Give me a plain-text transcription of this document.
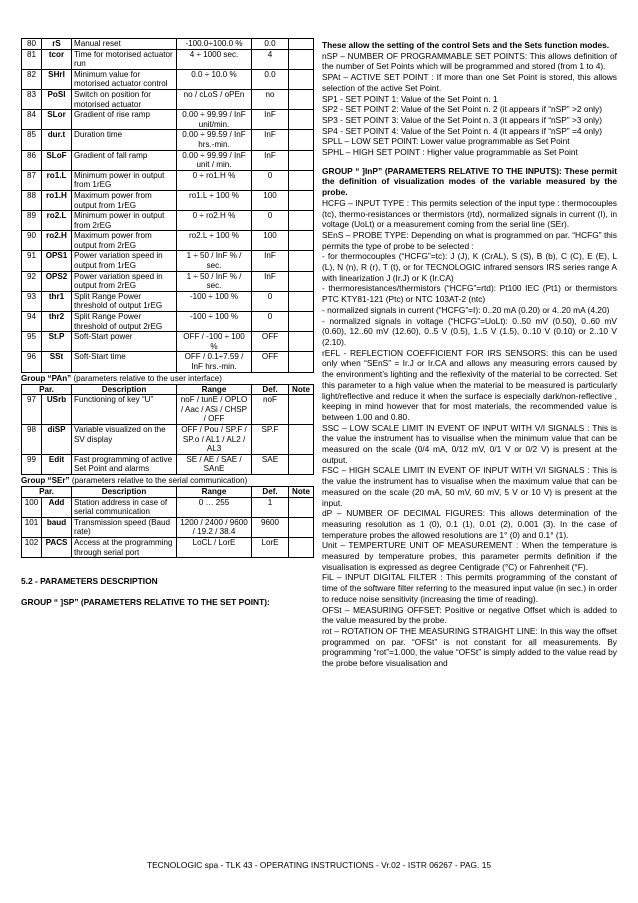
80	rS	Manual reset	-100.0÷100.0 %	0.0	
81	tcor	Time for motorised actuator run	4 ÷ 1000 sec.	4	
82	SHrI	Minimum value for motorised actuator control	0.0 ÷ 10.0 %	0.0	
83	PoSI	Switch on position for motorised actuator	no / cLoS / oPEn	no	
84	SLor	Gradient of rise ramp	0.00 ÷ 99.99 / InF unit/min.	InF	
85	dur.t	Duration time	0.00 ÷ 99.59 / InF hrs.-min.	InF	
86	SLoF	Gradient of fall ramp	0.00 ÷ 99.99 / InF unit / min.	InF	
87	ro1.L	Minimum power in output from 1rEG	0 ÷ ro1.H %	0	
88	ro1.H	Maximum power from output from 1rEG	ro1.L ÷ 100 %	100	
89	ro2.L	Minimum power in output from 2rEG	0 ÷ ro2.H %	0	
90	ro2.H	Maximum power from output from 2rEG	ro2.L ÷ 100 %	100	
91	OPS1	Power variation speed in output from 1rEG	1 ÷ 50 / InF % / sec.	InF	
92	OPS2	Power variation speed in output from 2rEG	1 ÷ 50 / InF % / sec.	InF	
93	thr1	Split Range Power threshold of output 1rEG	-100 ÷ 100 %	0	
94	thr2	Split Range Power threshold of output 2rEG	-100 ÷ 100 %	0	
95	St.P	Soft-Start power	OFF / -100 ÷ 100 %	OFF	
96	SSt	Soft-Start time	OFF / 0.1÷7.59 / InF hrs.-min.	OFF	
Group “PAn” (parameters relative to the user interface)
Par.		Description	Range	Def.	Note
97	USrb	Functioning of key “U”	noF / tunE / OPLO / Aac / ASi / CHSP / OFF	noF	
98	diSP	Variable visualized on the SV display	OFF / Pou / SP.F / SP.o / AL1 / AL2 / AL3	SP.F	
99	Edit	Fast programming of active Set Point and alarms	SE / AE / SAE / SAnE	SAE	
Group “SEr” (parameters relative to the serial communication)
Par.		Description	Range	Def.	Note
100	Add	Station address in case of serial communication	0 … 255	1	
101	baud	Transmission speed (Baud rate)	1200 / 2400 / 9600 / 19.2 / 38.4	9600	
102	PACS	Access at the programming through serial port	LoCL / LorE	LorE	
5.2 - PARAMETERS DESCRIPTION
GROUP “ ]SP” (PARAMETERS RELATIVE TO THE SET POINT):

These allow the setting of the control Sets and the Sets function modes.

nSP – NUMBER OF PROGRAMMABLE SET POINTS: This allows definition of the number of Set Points which will be programmed and stored (from 1 to 4).

SPAt – ACTIVE SET POINT : If more than one Set Point is stored, this allows selection of the active Set Point.

SP1 - SET POINT 1: Value of the Set Point n. 1

SP2 - SET POINT 2: Value of the Set Point n. 2 (it appears if “nSP” >2 only)

SP3 - SET POINT 3: Value of the Set Point n. 3 (it appears if “nSP” >3 only)

SP4 - SET POINT 4: Value of the Set Point n. 4 (it appears if “nSP” =4 only)

SPLL – LOW SET POINT: Lower value programmable as Set Point

SPHL – HIGH SET POINT : Higher value programmable as Set Point

GROUP “ ]InP” (PARAMETERS RELATIVE TO THE INPUTS): These permit the definition of visualization modes of the variable measured by the probe.

HCFG – INPUT TYPE : This permits selection of the input type : thermocouples (tc), thermo-resistances or thermistors (rtd), normalized signals in current (I), in voltage (UoLt) or a measurement coming from the serial line (SEr).

SEnS – PROBE TYPE: Depending on what is programmed on par. “HCFG” this permits the type of probe to be selected :

- for thermocouples (“HCFG”=tc): J (J), K (CrAL), S (S), B (b), C (C), E (E), L (L), N (n), R (r), T (t), or for TECNOLOGIC infrared sensors IRS series range A with linearization J (Ir.J) or K (Ir.CA)

- thermoresistances/thermistors (“HCFG”=rtd): Pt100 IEC (Pt1) or thermistors PTC KTY81-121 (Ptc) or NTC 103AT-2 (ntc)

- normalized signals in current (“HCFG”=I): 0..20 mA (0.20) or 4..20 mA (4.20)

- normalized signals in voltage (“HCFG”=UoLt): 0..50 mV (0.50), 0..60 mV (0.60), 12..60 mV (12.60), 0..5 V (0.5), 1..5 V (1.5), 0..10 V (0.10) or 2..10 V (2.10).

rEFL - REFLECTION COEFFICIENT FOR IRS SENSORS: this can be used only when “SEnS” = Ir.J or Ir.CA and allows any measuring errors caused by the environment’s lighting and the reflexivity of the material to be corrected. Set this parameter to a high value when the material to be measured is particularly light/reflective and reduce it when the surface is especially dark/non-reflective , keeping in mind however that for most materials, the recommended value is between 1.00 and 0.80.

SSC – LOW SCALE LIMIT IN EVENT OF INPUT WITH V/I SIGNALS : This is the value the instrument has to visualise when the minimum value that can be measured on the scale (0/4 mA, 0/12 mV, 0/1 V or 0/2 V) is present at the output.

FSC – HIGH SCALE LIMIT IN EVENT OF INPUT WITH V/I SIGNALS : This is the value the instrument has to visualise when the maximum value that can be measured on the scale (20 mA, 50 mV, 60 mV, 5 V or 10 V) is present at the input.

dP – NUMBER OF DECIMAL FIGURES: This allows determination of the measuring resolution as 1 (0), 0.1 (1), 0.01 (2), 0.001 (3). In the case of temperature probes the allowed resolutions are 1° (0) and 0.1° (1).

Unit – TEMPERTURE UNIT OF MEASUREMENT : When the temperature is measured by temperature probes, this parameter permits definition if the visualisation is expressed as degree Centigrade (°C) or Fahrenheit (°F).

FiL – INPUT DIGITAL FILTER : This permits programming of the constant of time of the software filter referring to the measured input value (in sec.) in order to reduce noise sensitivity (increasing the time of reading).

OFSt – MEASURING OFFSET: Positive or negative Offset which is added to the value measured by the probe.

rot – ROTATION OF THE MEASURING STRAIGHT LINE: In this way the offset programmed on par. “OFSt” is not constant for all measurements. By programming “rot”=1.000, the value “OFSt” is simply added to the value read by the probe before visualisation and

TECNOLOGIC spa - TLK 43 - OPERATING INSTRUCTIONS - Vr.02 - ISTR 06267 - PAG. 15
